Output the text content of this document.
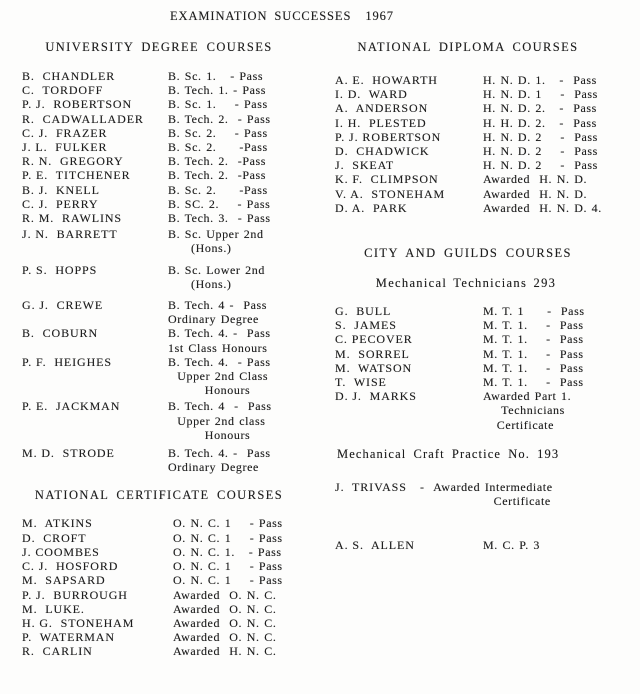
EXAMINATION SUCCESSES  1967
UNIVERSITY DEGREE COURSES
B.  CHANDLER	B. Sc. 1.   - Pass
C.  TORDOFF	B. Tech. 1. - Pass
P. J.  ROBERTSON	B. Sc. 1.    - Pass
R.  CADWALLADER	B. Tech. 2.  - Pass
C. J.  FRAZER	B. Sc. 2.    - Pass
J. L.  FULKER	B. Sc. 2.     -Pass
R. N.  GREGORY	B. Tech. 2.  -Pass
P. E.  TITCHENER	B. Tech. 2.  -Pass
B. J.  KNELL	B. Sc. 2.     -Pass
C. J.  PERRY	B. SC. 2.    - Pass
R. M.  RAWLINS	B. Tech. 3.  - Pass
J. N.  BARRETT	B. Sc. Upper 2nd
(Hons.)
P. S.  HOPPS	B. Sc. Lower 2nd
(Hons.)
G. J.  CREWE	B. Tech. 4 -  Pass
Ordinary Degree
B.  COBURN	B. Tech. 4. -  Pass
1st Class Honours
P. F.  HEIGHES	B. Tech. 4.  - Pass
Upper 2nd Class
Honours
P. E.  JACKMAN	B. Tech. 4  -  Pass
Upper 2nd class
Honours
M. D.  STRODE	B. Tech. 4. -  Pass
Ordinary Degree
NATIONAL CERTIFICATE COURSES
M.  ATKINS	O. N. C. 1    - Pass
D.  CROFT	O. N. C. 1    - Pass
J. COOMBES	O. N. C. 1.   - Pass
C. J.  HOSFORD	O. N. C. 1    - Pass
M.  SAPSARD	O. N. C. 1    - Pass
P. J.  BURROUGH	Awarded  O. N. C.
M.  LUKE.	Awarded  O. N. C.
H. G.  STONEHAM	Awarded  O. N. C.
P.  WATERMAN	Awarded  O. N. C.
R.  CARLIN	Awarded  H. N. C.
NATIONAL DIPLOMA COURSES
A. E.  HOWARTH	H. N. D. 1.   -  Pass
I. D.  WARD	H. N. D. 1    -  Pass
A.  ANDERSON	H. N. D. 2.   -  Pass
I. H.  PLESTED	H. H. D. 2.   -  Pass
P. J. ROBERTSON	H. N. D. 2    -  Pass
D.  CHADWICK	H. N. D. 2    -  Pass
J.  SKEAT	H. N. D. 2    -  Pass
K. F.  CLIMPSON	Awarded  H. N. D.
V. A.  STONEHAM	Awarded  H. N. D.
D. A.  PARK	Awarded  H. N. D. 4.
CITY AND GUILDS COURSES
Mechanical Technicians 293
G.  BULL	M. T. 1     -  Pass
S.  JAMES	M. T. 1.    -  Pass
C. PECOVER	M. T. 1.    -  Pass
M.  SORREL	M. T. 1.    -  Pass
M.  WATSON	M. T. 1.    -  Pass
T.  WISE	M. T. 1.    -  Pass
D. J.  MARKS	Awarded Part 1.
Technicians
Certificate
Mechanical Craft Practice No. 193
J.  TRIVASS	-  Awarded Intermediate
Certificate
A. S.  ALLEN	M. C. P. 3
